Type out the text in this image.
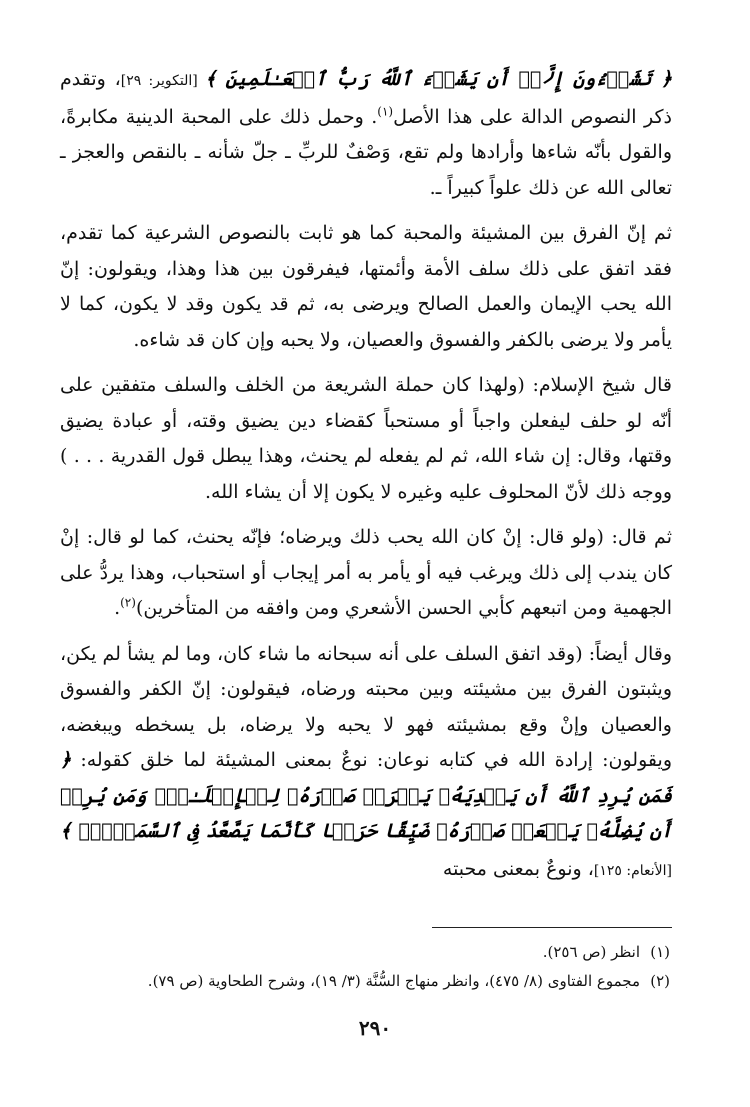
﴿ تَشَاۤءُونَ إِلَّاۤ أَن یَشَاۤءَ ٱللَّهُ رَبُّ ٱلۡعَـٰلَمِینَ ﴾ [التكوير: ٢٩]، وتقدم ذكر النصوص الدالة على هذا الأصل$^{(١)}$. وحمل ذلك على المحبة الدينية مكابرةً، والقول بأنّه شاءها وأرادها ولم تقع، وَصْفٌ للربِّ ـ جلّ شأنه ـ بالنقص والعجز ـ تعالى الله عن ذلك علواً كبيراً ـ.

ثم إنّ الفرق بين المشيئة والمحبة كما هو ثابت بالنصوص الشرعية كما تقدم، فقد اتفق على ذلك سلف الأمة وأئمتها، فيفرقون بين هذا وهذا، ويقولون: إنّ الله يحب الإيمان والعمل الصالح ويرضى به، ثم قد يكون وقد لا يكون، كما لا يأمر ولا يرضى بالكفر والفسوق والعصيان، ولا يحبه وإن كان قد شاءه.

قال شيخ الإسلام: (ولهذا كان حملة الشريعة من الخلف والسلف متفقين على أنّه لو حلف ليفعلن واجباً أو مستحباً كقضاء دين يضيق وقته، أو عبادة يضيق وقتها، وقال: إن شاء الله، ثم لم يفعله لم يحنث، وهذا يبطل قول القدرية . . . ) ووجه ذلك لأنّ المحلوف عليه وغيره لا يكون إلا أن يشاء الله.

ثم قال: (ولو قال: إنْ كان الله يحب ذلك ويرضاه؛ فإنّه يحنث، كما لو قال: إنْ كان يندب إلى ذلك ويرغب فيه أو يأمر به أمر إيجاب أو استحباب، وهذا يردُّ على الجهمية ومن اتبعهم كأبي الحسن الأشعري ومن وافقه من المتأخرين)$^{(٢)}$.

وقال أيضاً: (وقد اتفق السلف على أنه سبحانه ما شاء كان، وما لم يشأ لم يكن، ويثبتون الفرق بين مشيئته وبين محبته ورضاه، فيقولون: إنّ الكفر والفسوق والعصيان وإنْ وقع بمشيئته فهو لا يحبه ولا يرضاه، بل يسخطه ويبغضه، ويقولون: إرادة الله في كتابه نوعان: نوعٌ بمعنى المشيئة لما خلق كقوله: ﴿ فَمَن یُرِدِ ٱللَّهُ أَن یَهۡدِیَهُۥ یَشۡرَحۡ صَدۡرَهُۥ لِلۡإِسۡلَـٰمِۖ وَمَن یُرِدۡ أَن یُضِلَّهُۥ یَجۡعَلۡ صَدۡرَهُۥ ضَیِّقًا حَرَجࣰا كَأَنَّمَا یَصَّعَّدُ فِی ٱلسَّمَاۤءِۚ ﴾ [الأنعام: ١٢٥]، ونوعٌ بمعنى محبته

(١)انظر (ص ٢٥٦).
(٢)مجموع الفتاوى (٨/ ٤٧٥)، وانظر منهاج السُّنَّة (٣/ ١٩)، وشرح الطحاوية (ص ٧٩).
٢٩٠
